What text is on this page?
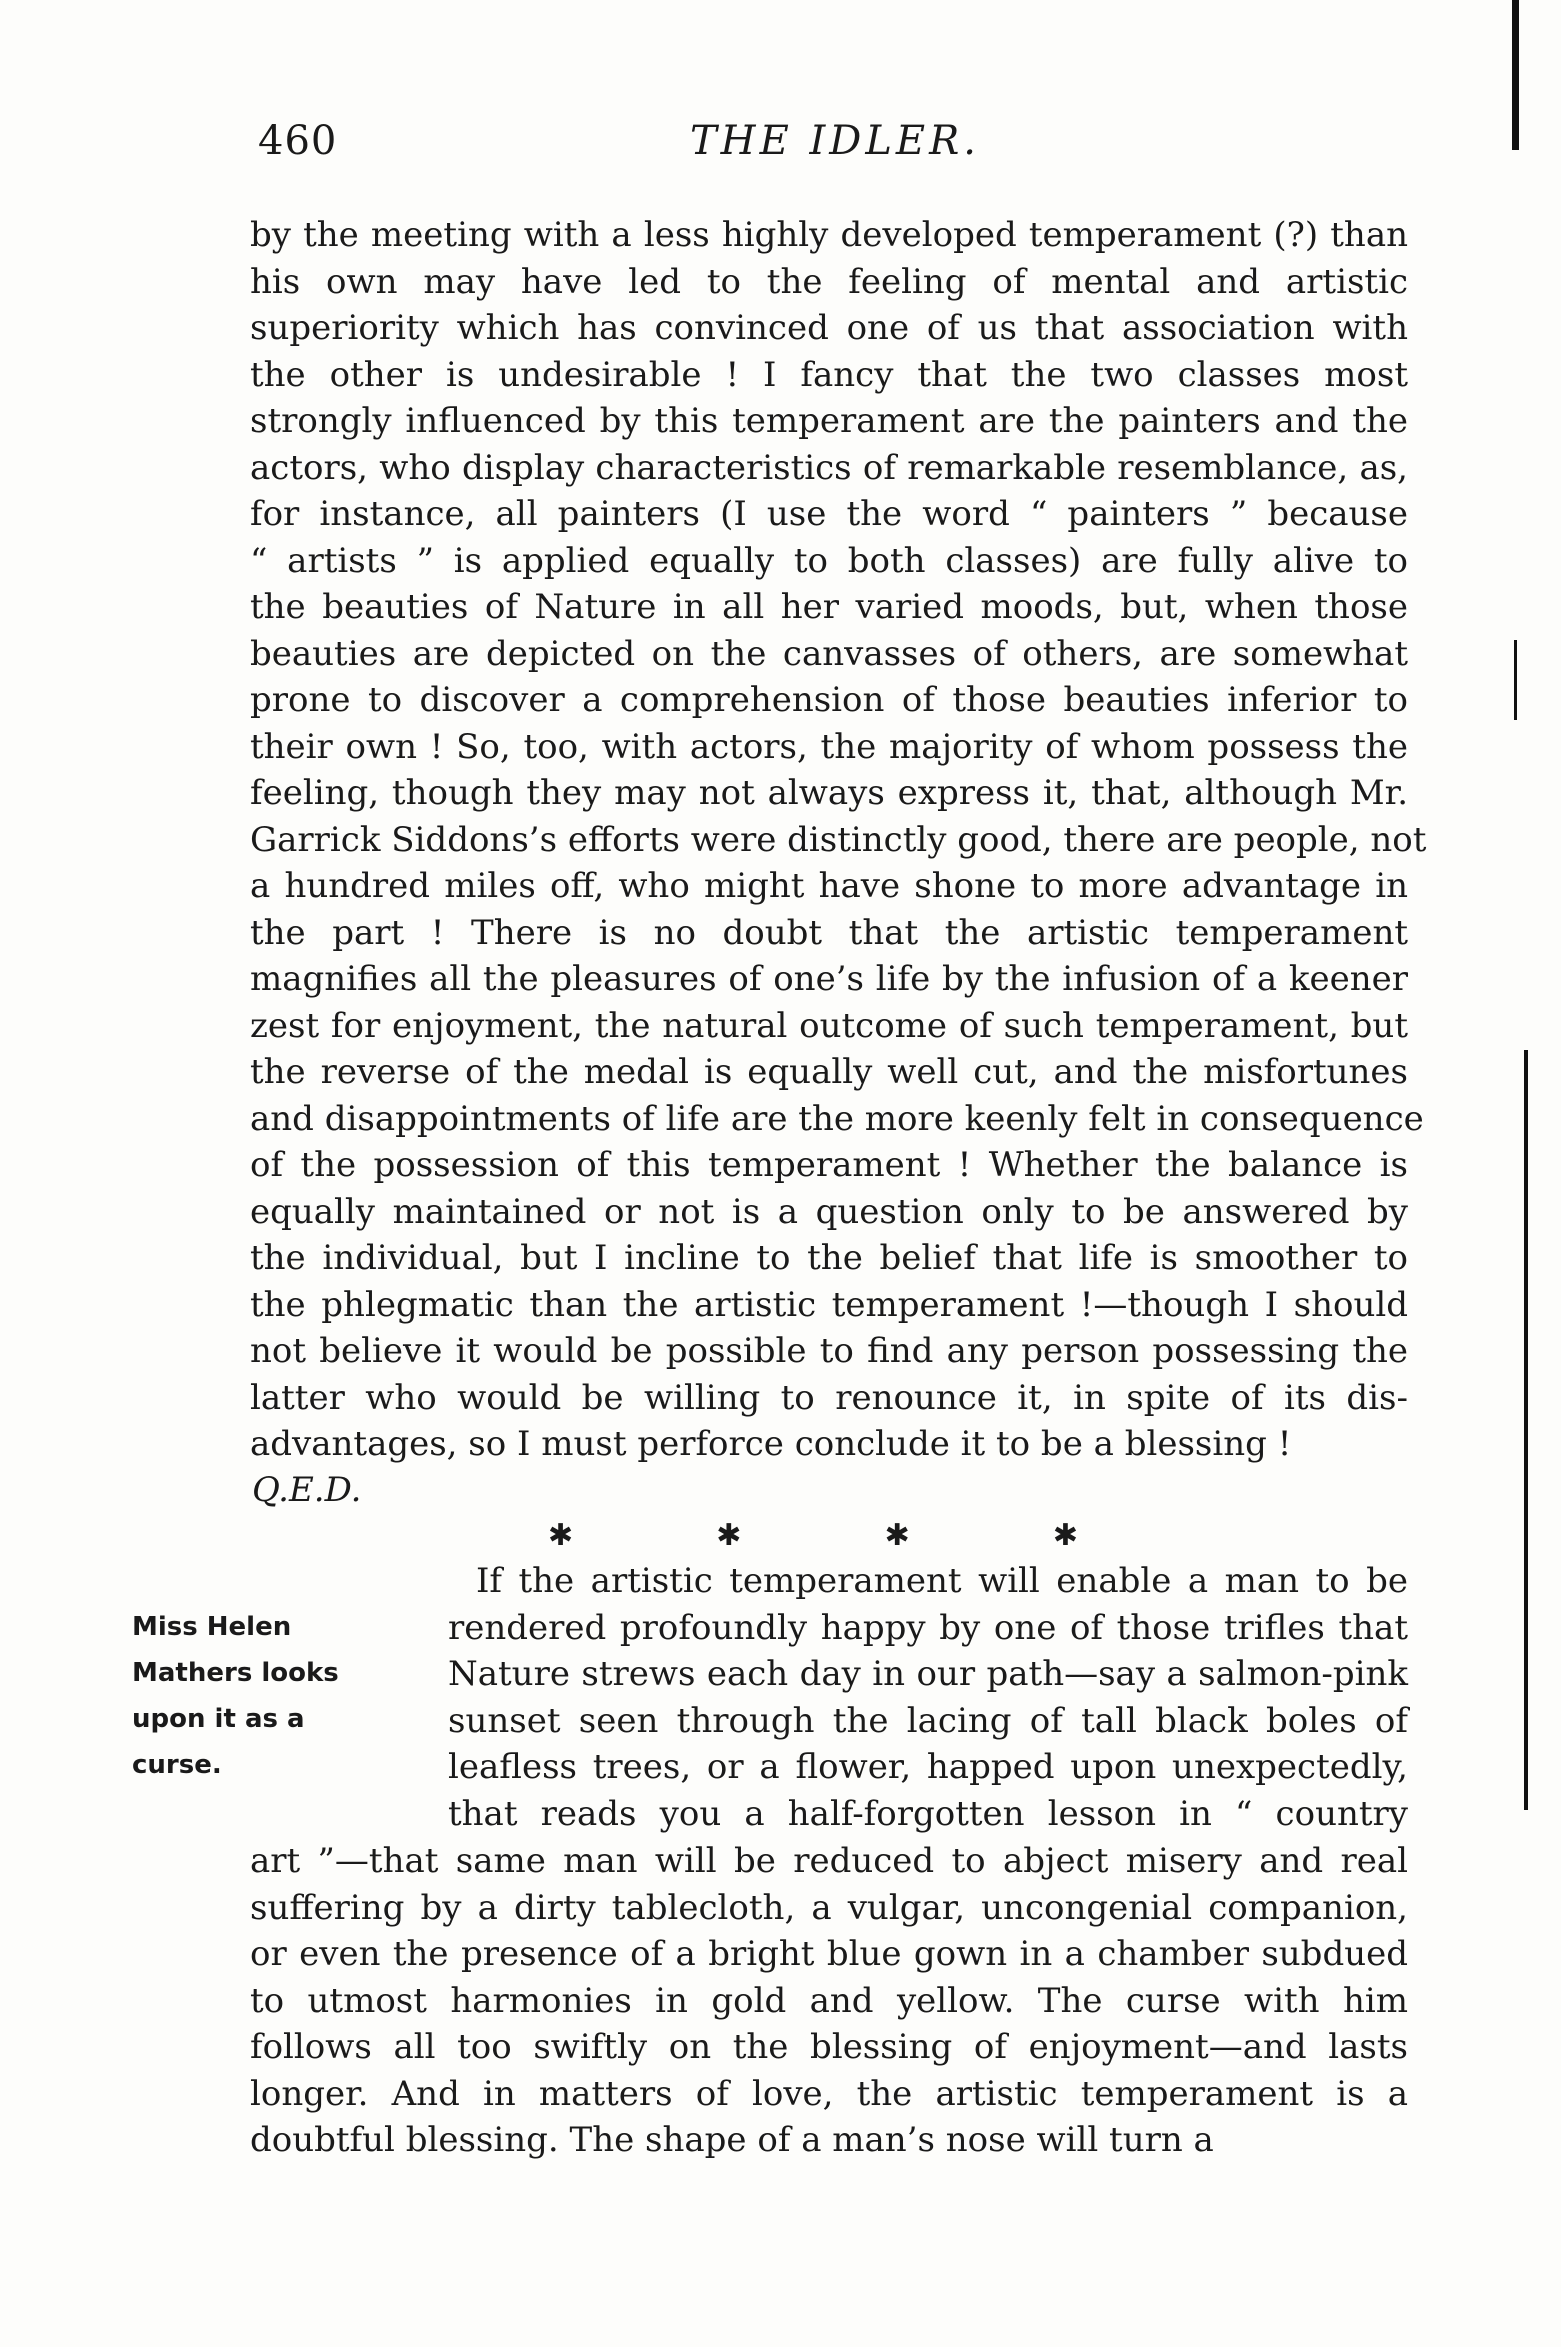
460	THE IDLER.
by the meeting with a less highly developed temperament (?) than
his own may have led to the feeling of mental and artistic
superiority which has convinced one of us that association with
the other is undesirable ! I fancy that the two classes most
strongly influenced by this temperament are the painters and the
actors, who display characteristics of remarkable resemblance, as,
for instance, all painters (I use the word “ painters ” because
“ artists ” is applied equally to both classes) are fully alive to
the beauties of Nature in all her varied moods, but, when those
beauties are depicted on the canvasses of others, are somewhat
prone to discover a comprehension of those beauties inferior to
their own ! So, too, with actors, the majority of whom possess the
feeling, though they may not always express it, that, although Mr.
Garrick Siddons’s efforts were distinctly good, there are people, not
a hundred miles off, who might have shone to more advantage in
the part ! There is no doubt that the artistic temperament
magnifies all the pleasures of one’s life by the infusion of a keener
zest for enjoyment, the natural outcome of such temperament, but
the reverse of the medal is equally well cut, and the misfortunes
and disappointments of life are the more keenly felt in consequence
of the possession of this temperament ! Whether the balance is
equally maintained or not is a question only to be answered by
the individual, but I incline to the belief that life is smoother to
the phlegmatic than the artistic temperament !—though I should
not believe it would be possible to find any person possessing the
latter who would be willing to renounce it, in spite of its dis-
advantages, so I must perforce conclude it to be a blessing !
Q.E.D.
✱	✱	✱	✱
Miss Helen
Mathers looks
upon it as a
curse.
If the artistic temperament will enable a man to be
rendered profoundly happy by one of those trifles that
Nature strews each day in our path—say a salmon-pink
sunset seen through the lacing of tall black boles of
leafless trees, or a flower, happed upon unexpectedly,
that reads you a half-forgotten lesson in “ country
art ”—that same man will be reduced to abject misery and real
suffering by a dirty tablecloth, a vulgar, uncongenial companion,
or even the presence of a bright blue gown in a chamber subdued
to utmost harmonies in gold and yellow. The curse with him
follows all too swiftly on the blessing of enjoyment—and lasts
longer. And in matters of love, the artistic temperament is a
doubtful blessing. The shape of a man’s nose will turn a
